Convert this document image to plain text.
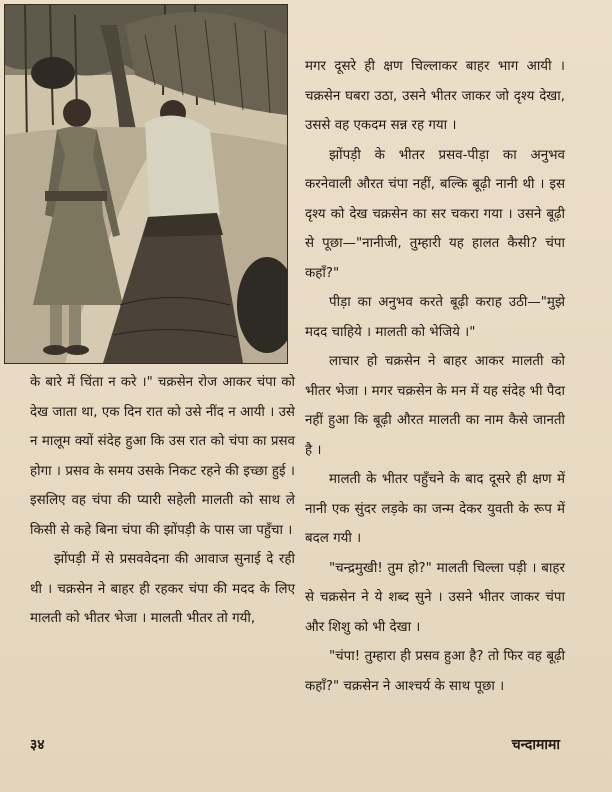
मगर दूसरे ही क्षण चिल्लाकर बाहर भाग आयी । चक्रसेन घबरा उठा, उसने भीतर जाकर जो दृश्य देखा, उससे वह एकदम सन्न रह गया ।

झोंपड़ी के भीतर प्रसव-पीड़ा का अनुभव करनेवाली औरत चंपा नहीं, बल्कि बूढ़ी नानी थी । इस दृश्य को देख चक्रसेन का सर चकरा गया । उसने बूढ़ी से पूछा—"नानीजी, तुम्हारी यह हालत कैसी? चंपा कहाँ?"

पीड़ा का अनुभव करते बूढ़ी कराह उठी—"मुझे मदद चाहिये । मालती को भेजिये ।"

लाचार हो चक्रसेन ने बाहर आकर मालती को भीतर भेजा । मगर चक्रसेन के मन में यह संदेह भी पैदा नहीं हुआ कि बूढ़ी औरत मालती का नाम कैसे जानती है ।

मालती के भीतर पहुँचने के बाद दूसरे ही क्षण में नानी एक सुंदर लड़के का जन्म देकर युवती के रूप में बदल गयी ।

"चन्द्रमुखी! तुम हो?" मालती चिल्ला पड़ी । बाहर से चक्रसेन ने ये शब्द सुने । उसने भीतर जाकर चंपा और शिशु को भी देखा ।

"चंपा! तुम्हारा ही प्रसव हुआ है? तो फिर वह बूढ़ी कहाँ?" चक्रसेन ने आश्चर्य के साथ पूछा ।

के बारे में चिंता न करे ।" चक्रसेन रोज आकर चंपा को देख जाता था, एक दिन रात को उसे नींद न आयी । उसे न मालूम क्यों संदेह हुआ कि उस रात को चंपा का प्रसव होगा । प्रसव के समय उसके निकट रहने की इच्छा हुई । इसलिए वह चंपा की प्यारी सहेली मालती को साथ ले किसी से कहे बिना चंपा की झोंपड़ी के पास जा पहुँचा ।

झोंपड़ी में से प्रसववेदना की आवाज सुनाई दे रही थी । चक्रसेन ने बाहर ही रहकर चंपा की मदद के लिए मालती को भीतर भेजा । मालती भीतर तो गयी,

३४	चन्दामामा
